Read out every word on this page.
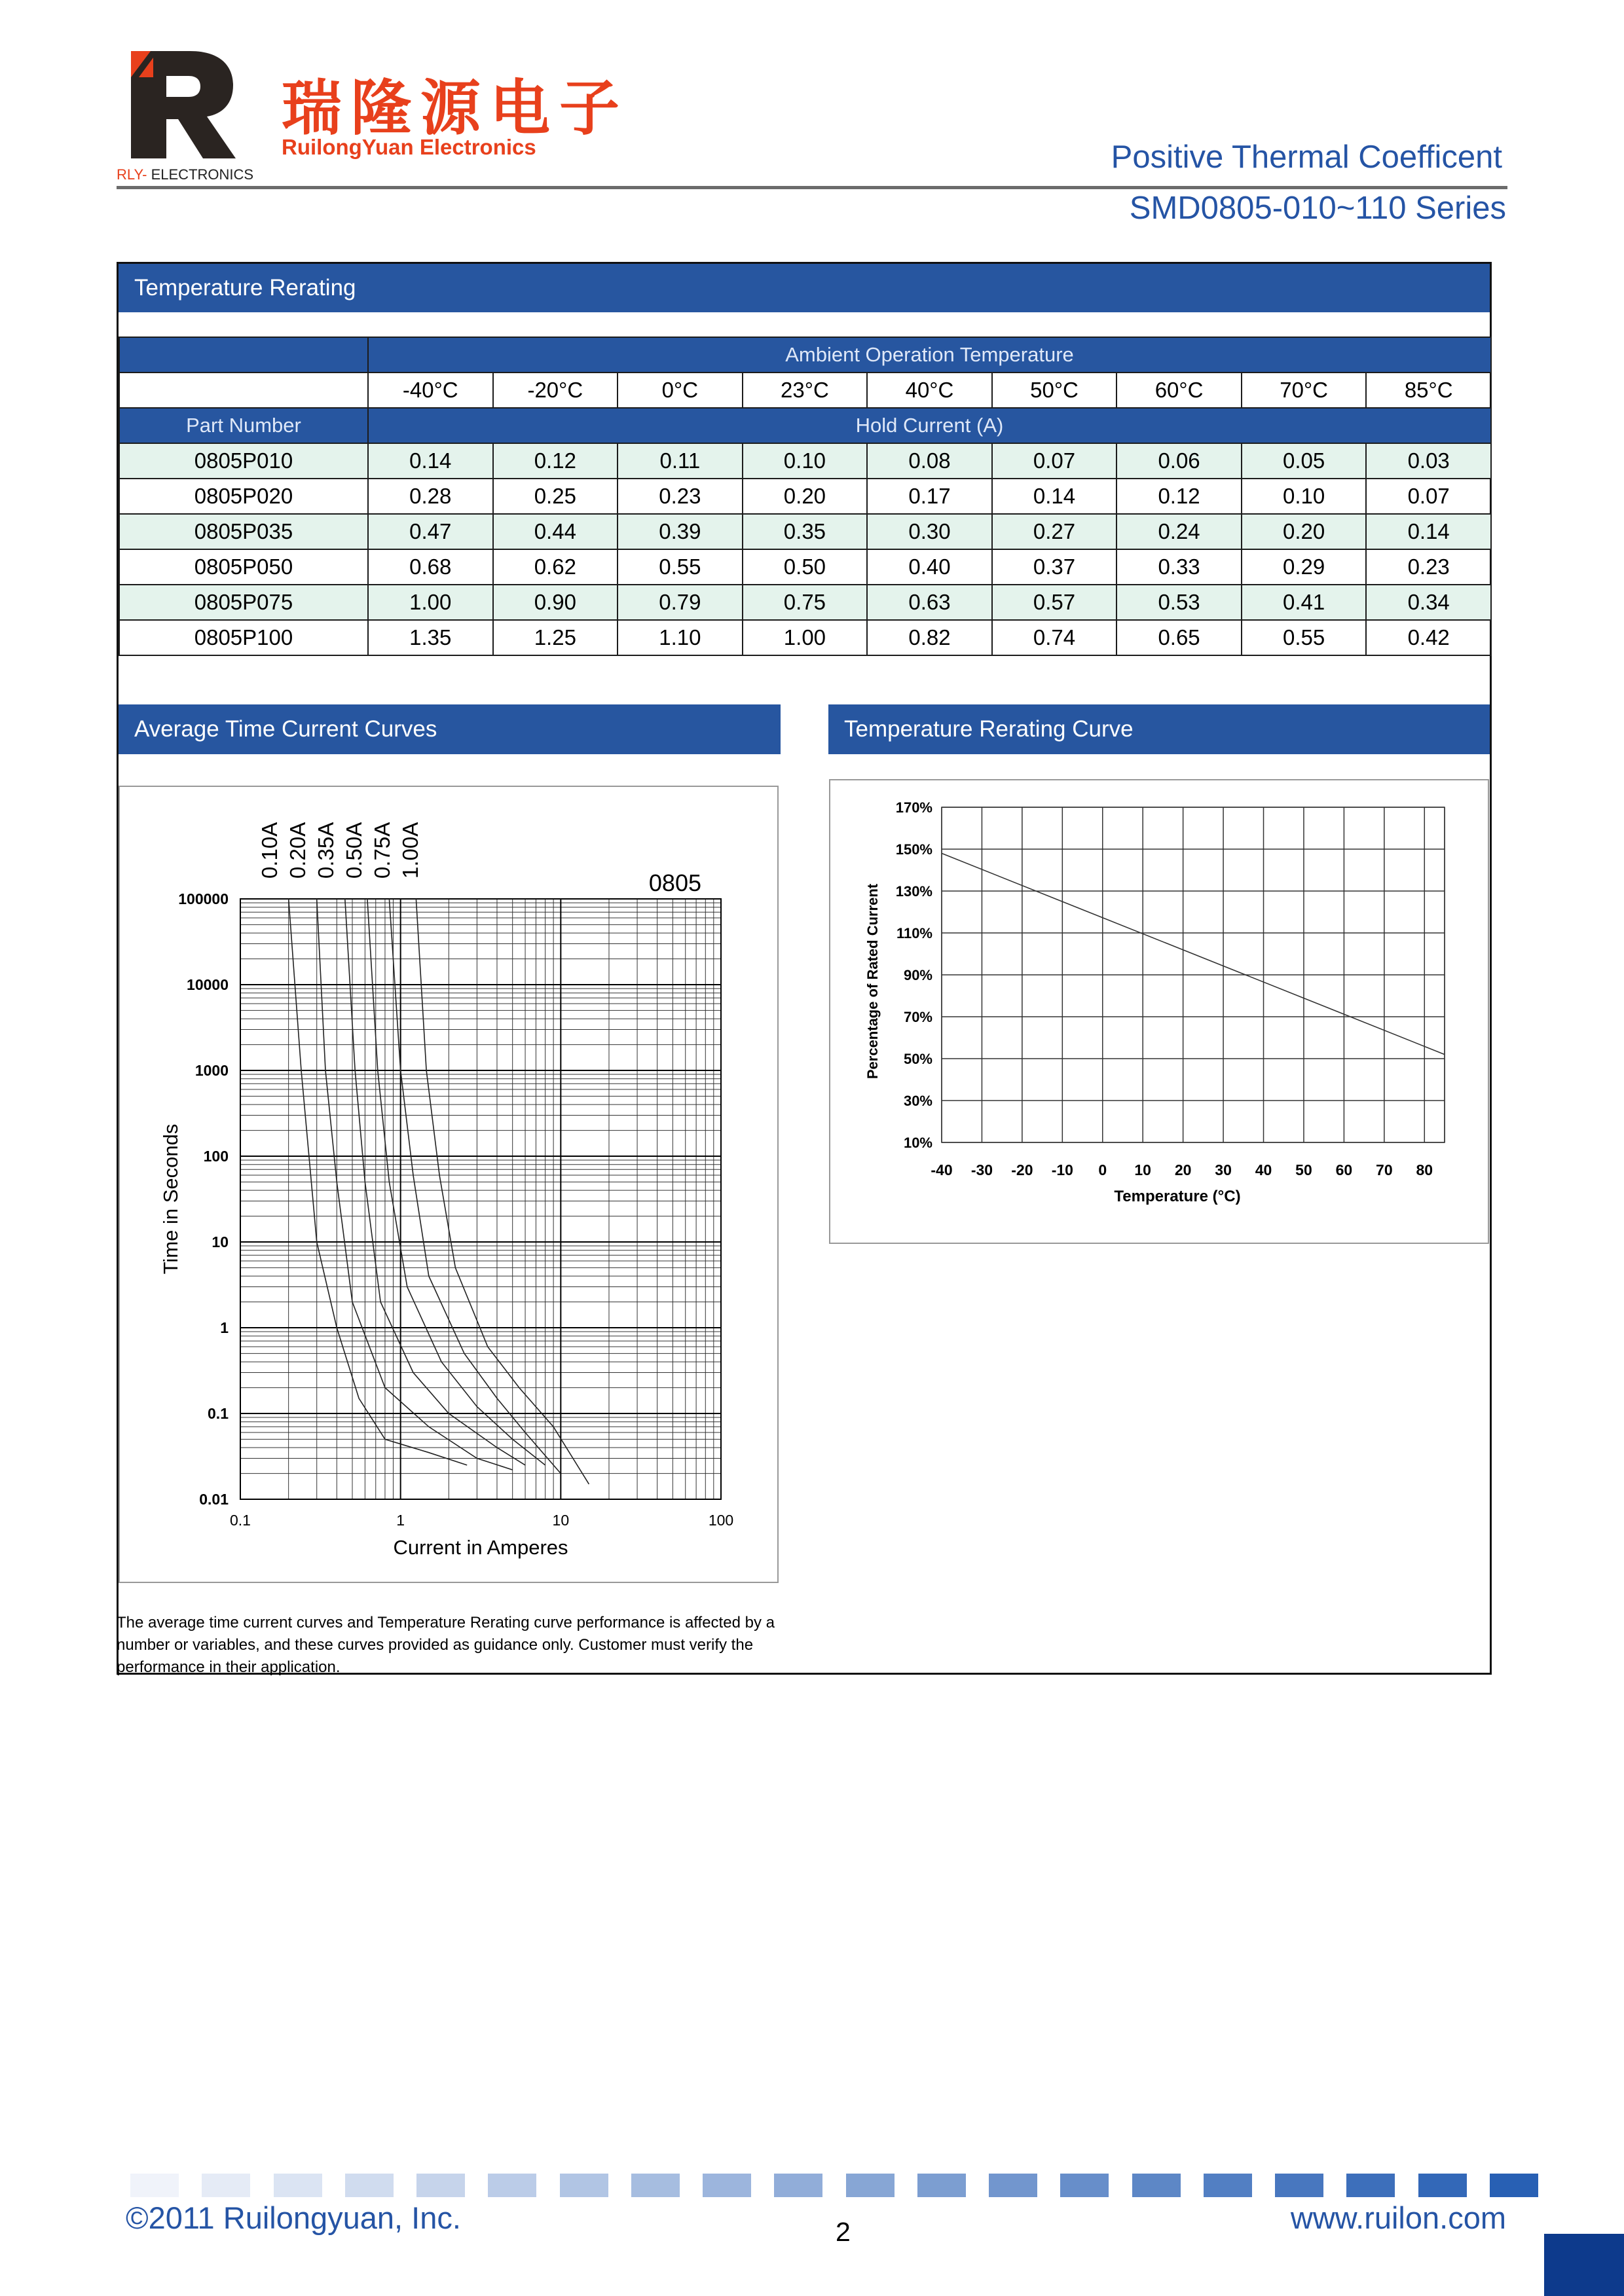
瑞隆源电子
RuilongYuan Electronics
RLY- ELECTRONICS	Positive Thermal Coefficent
SMD0805-010~110 Series
Temperature Rerating
	Ambient Operation Temperature								
	-40°C	-20°C	0°C	23°C	40°C	50°C	60°C	70°C	85°C
Part Number	Hold Current (A)								
0805P010	0.14	0.12	0.11	0.10	0.08	0.07	0.06	0.05	0.03
0805P020	0.28	0.25	0.23	0.20	0.17	0.14	0.12	0.10	0.07
0805P035	0.47	0.44	0.39	0.35	0.30	0.27	0.24	0.20	0.14
0805P050	0.68	0.62	0.55	0.50	0.40	0.37	0.33	0.29	0.23
0805P075	1.00	0.90	0.79	0.75	0.63	0.57	0.53	0.41	0.34
0805P100	1.35	1.25	1.10	1.00	0.82	0.74	0.65	0.55	0.42
Average Time Current Curves	Temperature Rerating Curve
0.1	1	10	100
0.01
0.1
1
10
100
1000
10000
100000
Current in Amperes
Time in Seconds
0805
0.10A 0.20A 0.35A 0.50A 0.75A 1.00A
-40 -30 -20 -10 0 10 20 30 40 50 60 70 80
10%
30%
50%
70%
90%
110%
130%
150%
170%
Temperature (°C)
Percentage of Rated Current
The average time current curves and Temperature Rerating curve performance is affected by a number or variables, and these curves provided as guidance only. Customer must verify the performance in their application.
©2011 Ruilongyuan, Inc.	2	www.ruilon.com
